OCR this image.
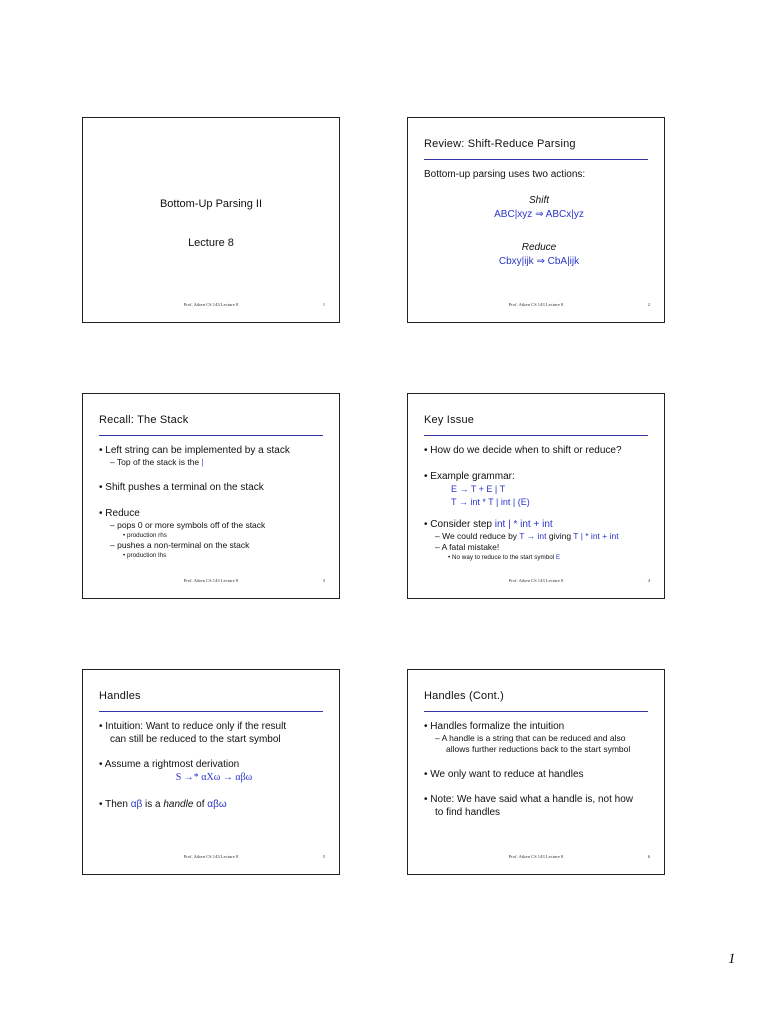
Bottom-Up Parsing II
Lecture 8
Prof. Aiken CS 143 Lecture 8	1
Review: Shift-Reduce Parsing
Bottom-up parsing uses two actions:
Shift
ABC|xyz ⇒ ABCx|yz
Reduce
Cbxy|ijk ⇒ CbA|ijk
Prof. Aiken CS 143 Lecture 8	2
Recall: The Stack
• Left string can be implemented by a stack
– Top of the stack is the |
• Shift pushes a terminal on the stack
• Reduce
– pops 0 or more symbols off of the stack
• production rhs
– pushes a non-terminal on the stack
• production lhs
Prof. Aiken CS 143 Lecture 8	3
Key Issue
• How do we decide when to shift or reduce?
• Example grammar:
E → T + E | T
T → int * T | int | (E)
• Consider step int | * int + int
– We could reduce by T → int giving T | * int + int
– A fatal mistake!
• No way to reduce to the start symbol E
Prof. Aiken CS 143 Lecture 8	4
Handles
• Intuition: Want to reduce only if the result
can still be reduced to the start symbol
• Assume a rightmost derivation
S →* αXω → αβω
• Then αβ is a handle of αβω
Prof. Aiken CS 143 Lecture 8	5
Handles (Cont.)
• Handles formalize the intuition
– A handle is a string that can be reduced and also
allows further reductions back to the start symbol
• We only want to reduce at handles
• Note: We have said what a handle is, not how
to find handles
Prof. Aiken CS 143 Lecture 8	6
1
